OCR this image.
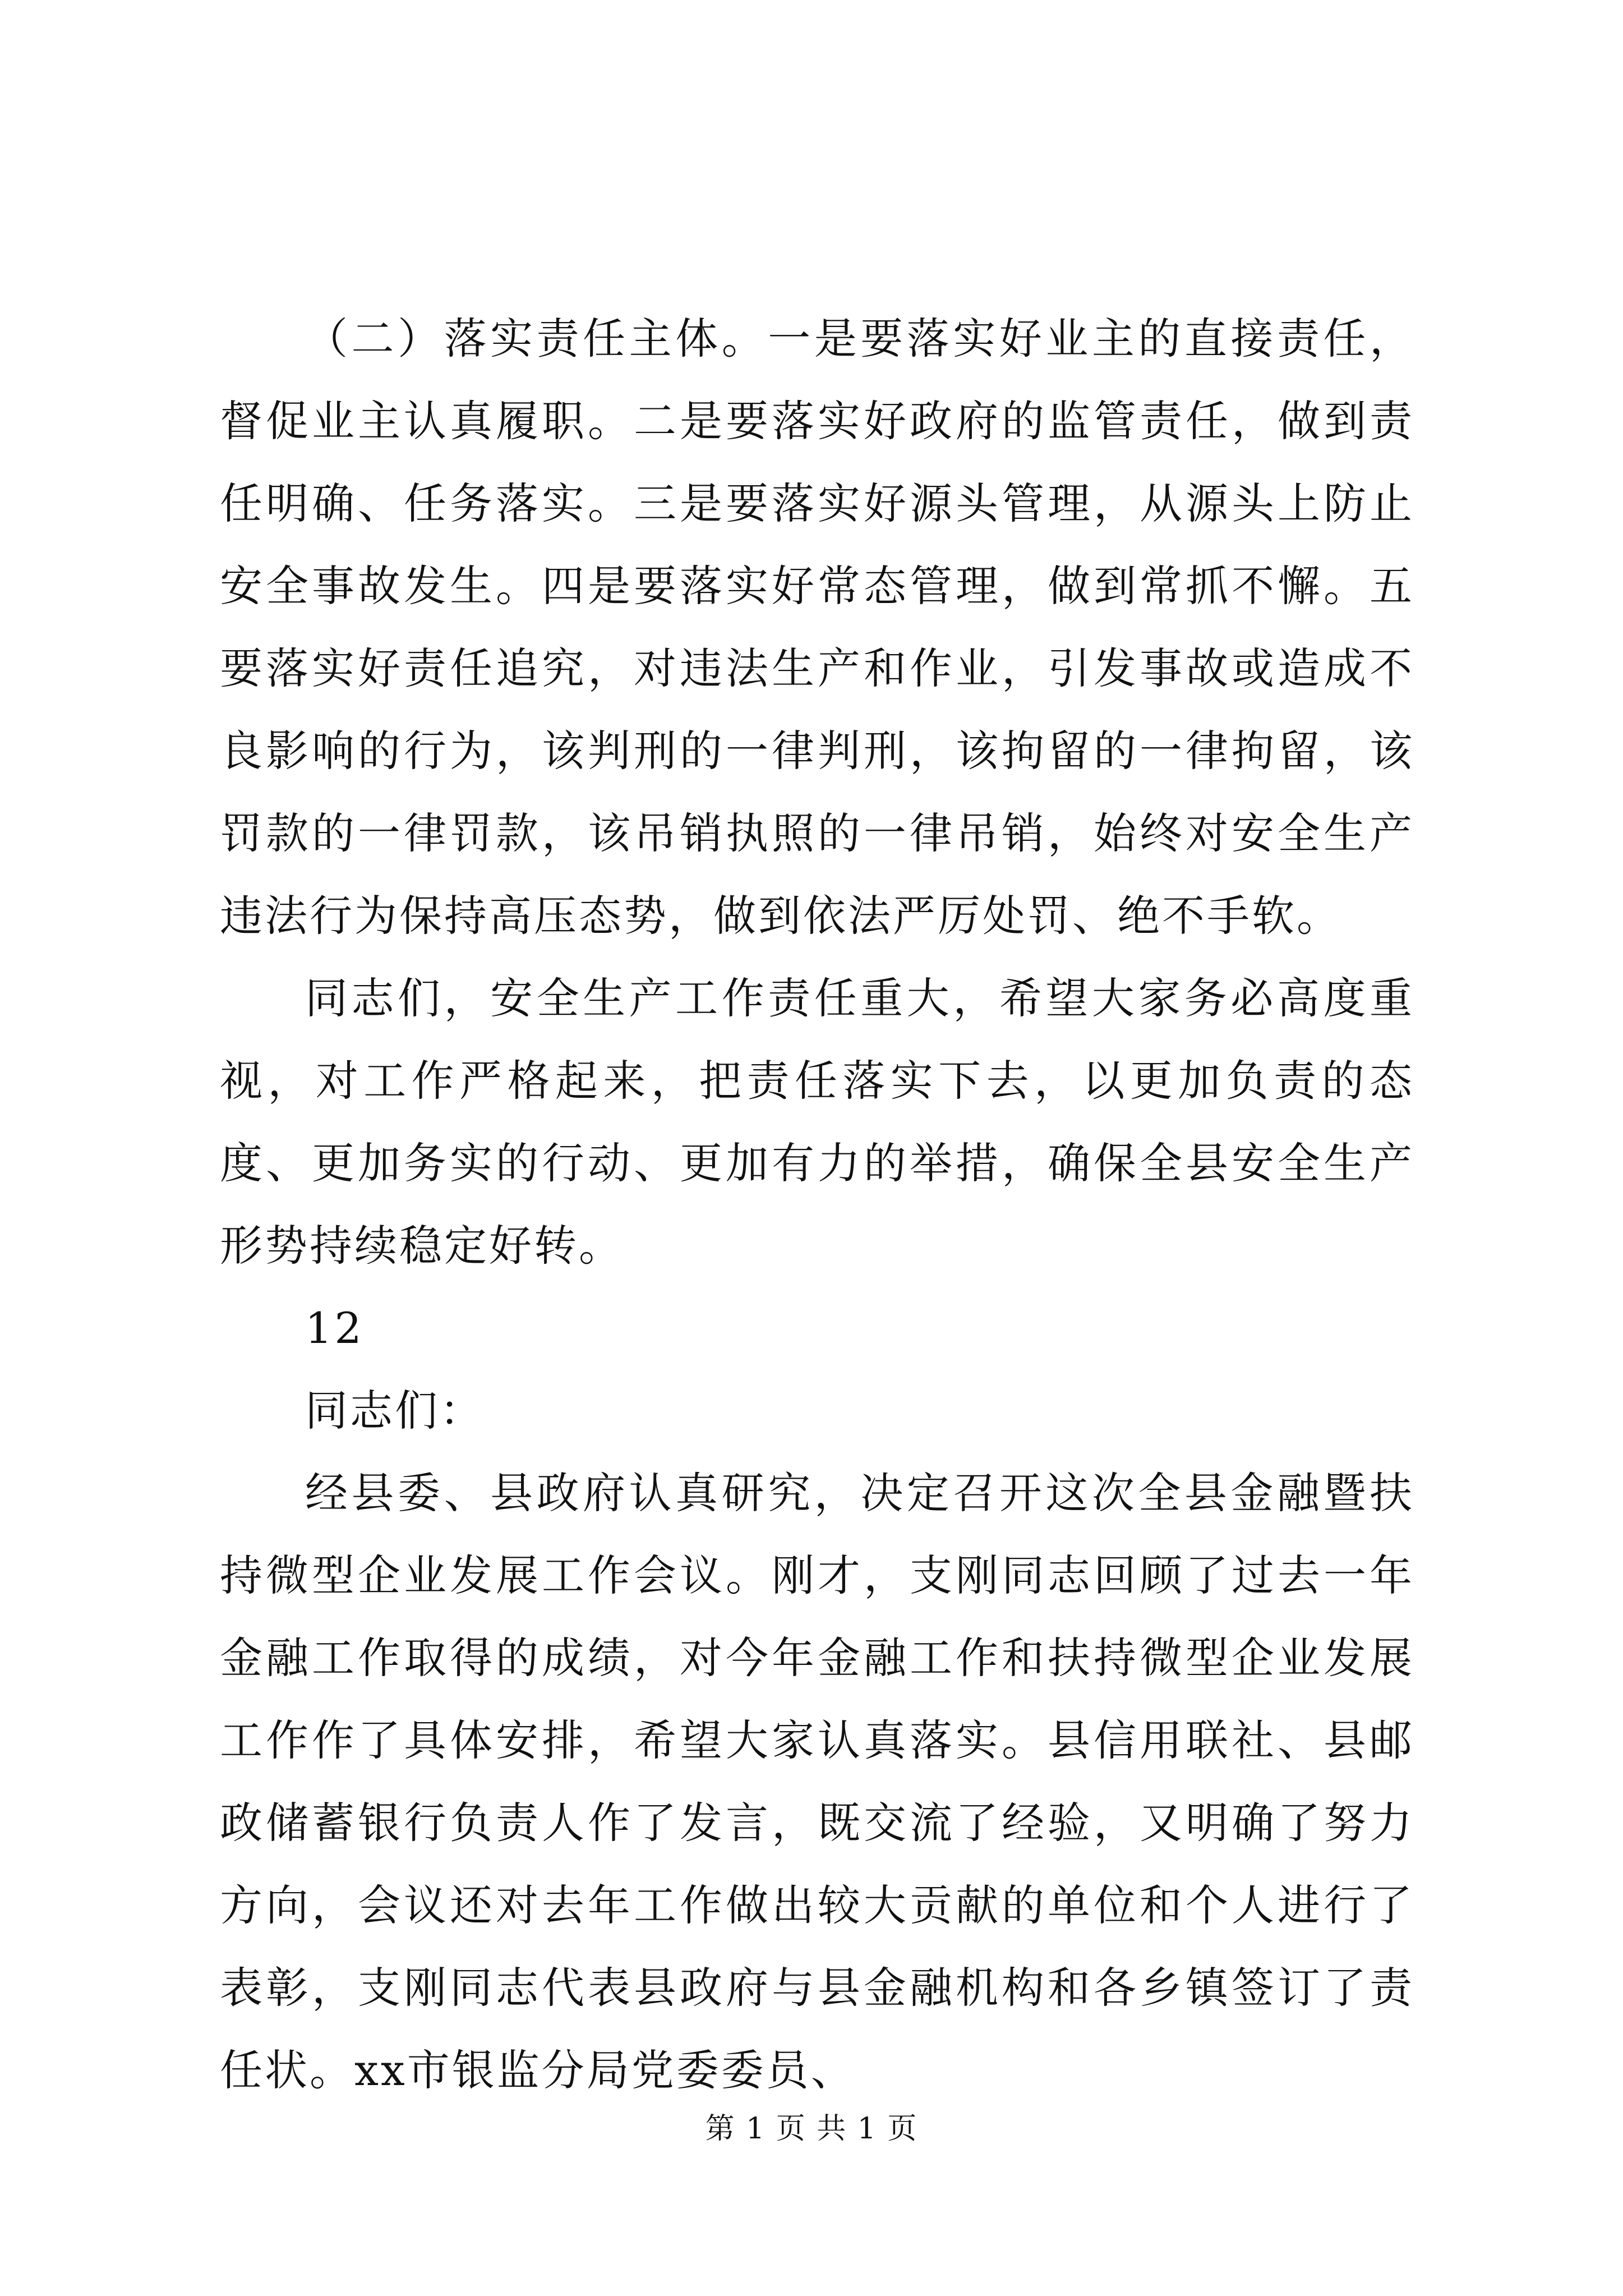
（二）落实责任主体。一是要落实好业主的直接责任，督促业主认真履职。二是要落实好政府的监管责任，做到责任明确、任务落实。三是要落实好源头管理，从源头上防止安全事故发生。四是要落实好常态管理，做到常抓不懈。五要落实好责任追究，对违法生产和作业，引发事故或造成不良影响的行为，该判刑的一律判刑，该拘留的一律拘留，该罚款的一律罚款，该吊销执照的一律吊销，始终对安全生产违法行为保持高压态势，做到依法严厉处罚、绝不手软。

同志们，安全生产工作责任重大，希望大家务必高度重视，对工作严格起来，把责任落实下去，以更加负责的态度、更加务实的行动、更加有力的举措，确保全县安全生产形势持续稳定好转。

12

同志们：

经县委、县政府认真研究，决定召开这次全县金融暨扶持微型企业发展工作会议。刚才，支刚同志回顾了过去一年金融工作取得的成绩，对今年金融工作和扶持微型企业发展工作作了具体安排，希望大家认真落实。县信用联社、县邮政储蓄银行负责人作了发言，既交流了经验，又明确了努力方向，会议还对去年工作做出较大贡献的单位和个人进行了表彰，支刚同志代表县政府与县金融机构和各乡镇签订了责任状。xx市银监分局党委委员、

第 1 页 共 1 页
